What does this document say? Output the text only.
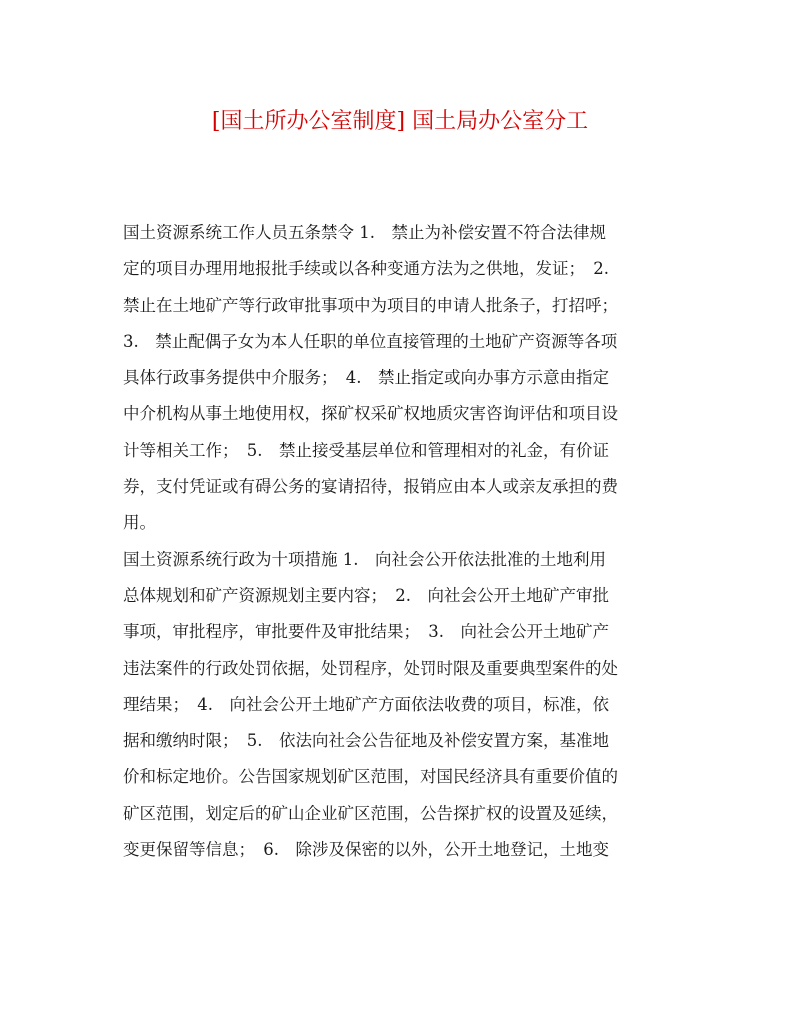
[国土所办公室制度] 国土局办公室分工
国土资源系统工作人员五条禁令 1.　禁止为补偿安置不符合法律规
定的项目办理用地报批手续或以各种变通方法为之供地，发证；　2.
禁止在土地矿产等行政审批事项中为项目的申请人批条子，打招呼；
3.　禁止配偶子女为本人任职的单位直接管理的土地矿产资源等各项
具体行政事务提供中介服务；　4.　禁止指定或向办事方示意由指定
中介机构从事土地使用权，探矿权采矿权地质灾害咨询评估和项目设
计等相关工作；　5.　禁止接受基层单位和管理相对的礼金，有价证
券，支付凭证或有碍公务的宴请招待，报销应由本人或亲友承担的费
用。
国土资源系统行政为十项措施 1.　向社会公开依法批准的土地利用
总体规划和矿产资源规划主要内容；　2.　向社会公开土地矿产审批
事项，审批程序，审批要件及审批结果；　3.　向社会公开土地矿产
违法案件的行政处罚依据，处罚程序，处罚时限及重要典型案件的处
理结果；　4.　向社会公开土地矿产方面依法收费的项目，标准，依
据和缴纳时限；　5.　依法向社会公告征地及补偿安置方案，基准地
价和标定地价。公告国家规划矿区范围，对国民经济具有重要价值的
矿区范围，划定后的矿山企业矿区范围，公告探扩权的设置及延续，
变更保留等信息；　6.　除涉及保密的以外，公开土地登记，土地变
